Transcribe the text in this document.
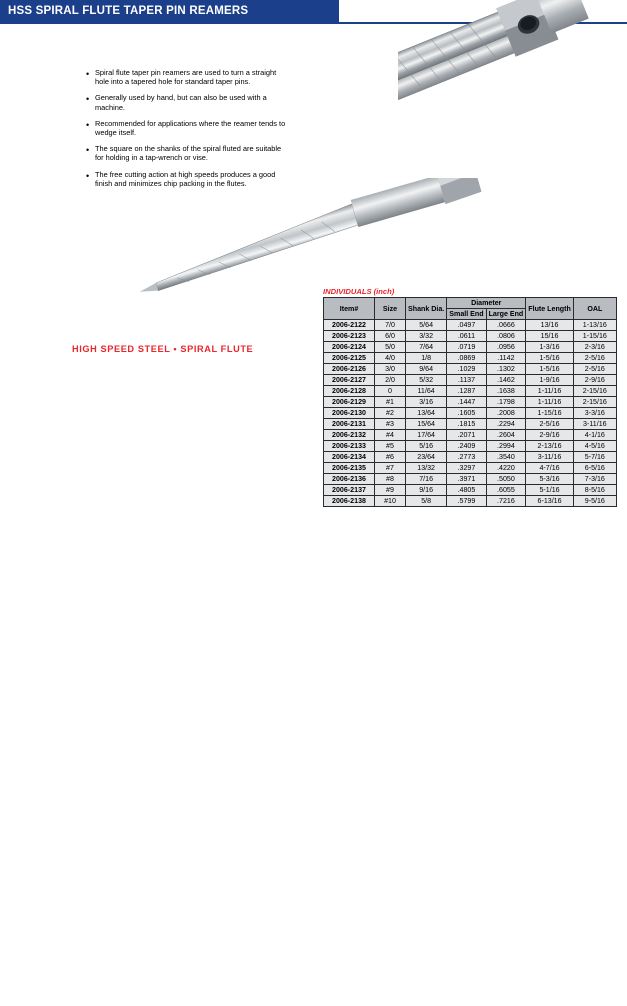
HSS SPIRAL FLUTE TAPER PIN REAMERS
• Spiral flute taper pin reamers are used to turn a straight hole into a tapered hole for standard taper pins.
• Generally used by hand, but can also be used with a machine.
• Recommended for applications where the reamer tends to wedge itself.
• The square on the shanks of the spiral fluted are suitable for holding in a tap-wrench or vise.
• The free cutting action at high speeds produces a good finish and minimizes chip packing in the flutes.
HIGH SPEED STEEL • SPIRAL FLUTE
INDIVIDUALS (inch)
Item#	Size	Shank Dia.	Diameter		Flute Length	OAL
			Small End	Large End		
2006-2122	7/0	5/64	.0497	.0666	13/16	1-13/16
2006-2123	6/0	3/32	.0611	.0806	15/16	1-15/16
2006-2124	5/0	7/64	.0719	.0956	1-3/16	2-3/16
2006-2125	4/0	1/8	.0869	.1142	1-5/16	2-5/16
2006-2126	3/0	9/64	.1029	.1302	1-5/16	2-5/16
2006-2127	2/0	5/32	.1137	.1462	1-9/16	2-9/16
2006-2128	0	11/64	.1287	.1638	1-11/16	2-15/16
2006-2129	#1	3/16	.1447	.1798	1-11/16	2-15/16
2006-2130	#2	13/64	.1605	.2008	1-15/16	3-3/16
2006-2131	#3	15/64	.1815	.2294	2-5/16	3-11/16
2006-2132	#4	17/64	.2071	.2604	2-9/16	4-1/16
2006-2133	#5	5/16	.2409	.2994	2-13/16	4-5/16
2006-2134	#6	23/64	.2773	.3540	3-11/16	5-7/16
2006-2135	#7	13/32	.3297	.4220	4-7/16	6-5/16
2006-2136	#8	7/16	.3971	.5050	5-3/16	7-3/16
2006-2137	#9	9/16	.4805	.6055	5-1/16	8-5/16
2006-2138	#10	5/8	.5799	.7216	6-13/16	9-5/16
